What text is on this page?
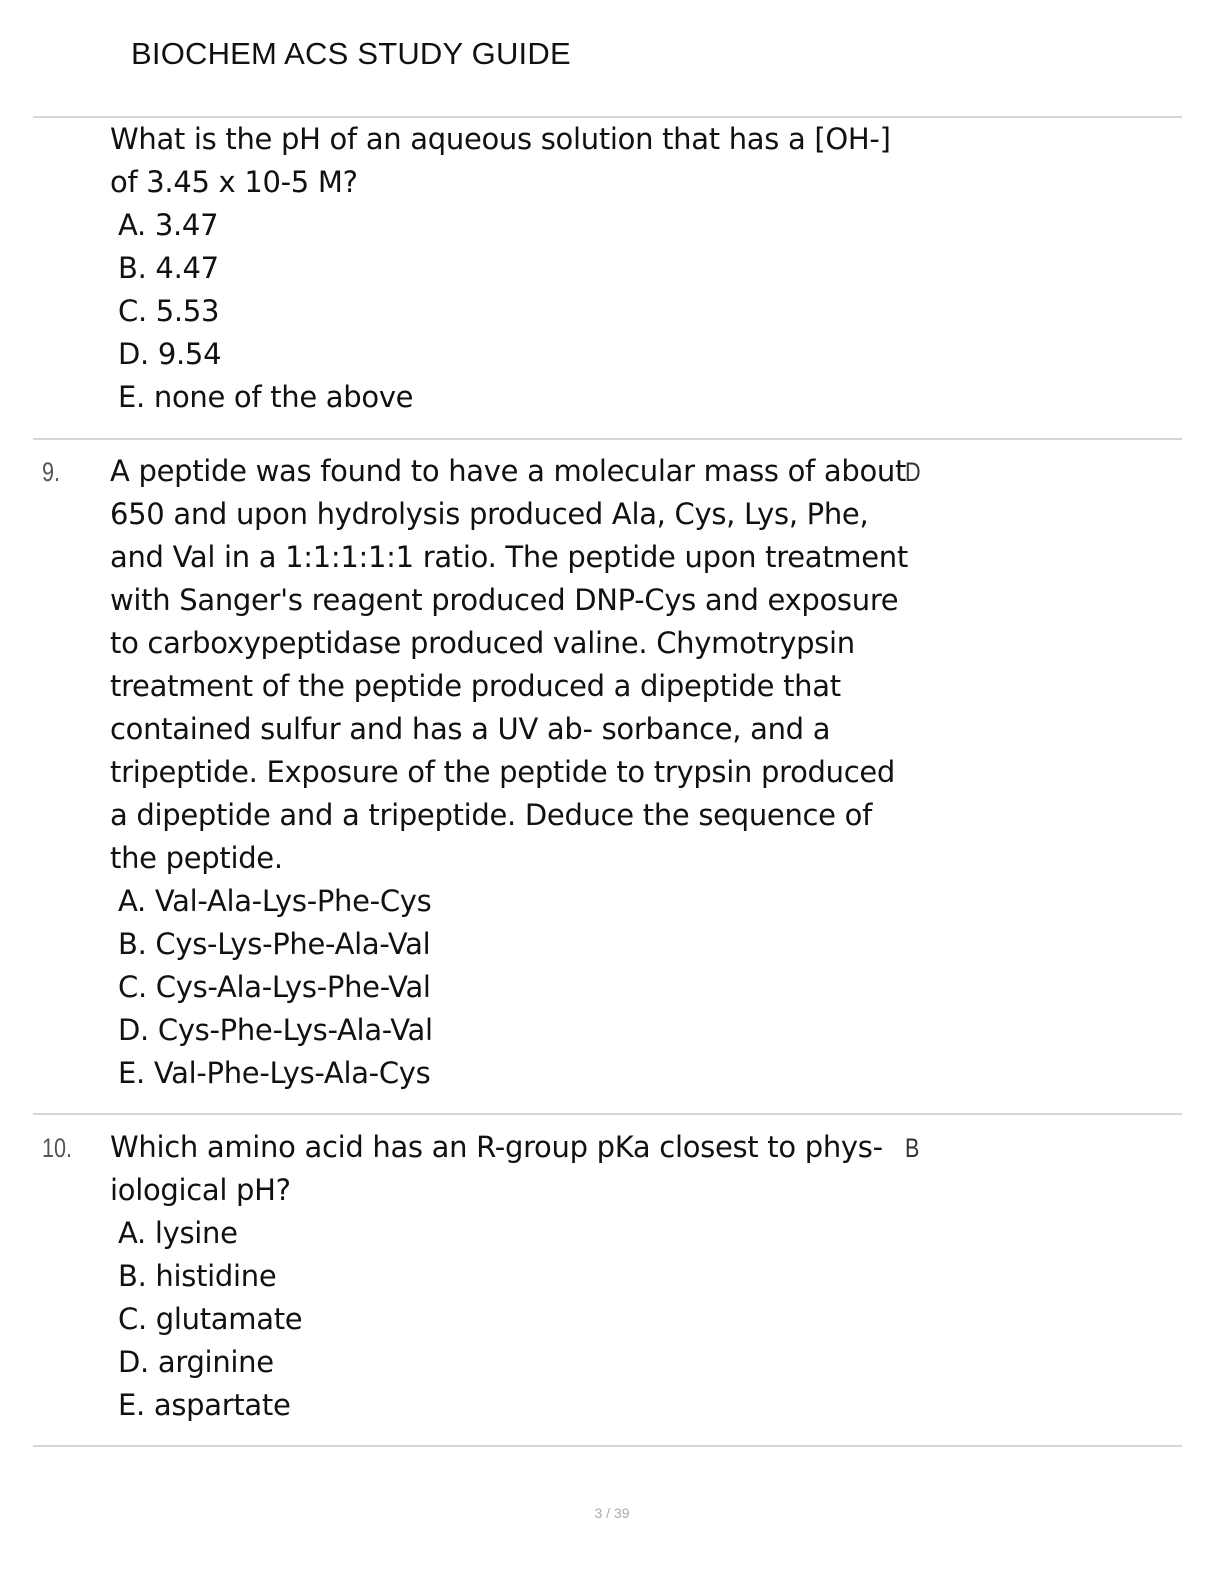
BIOCHEM ACS STUDY GUIDE

What is the pH of an aqueous solution that has a [OH-] of 3.45 x 10-5 M?

A. 3.47
B. 4.47
C. 5.53
D. 9.54
E. none of the above
9. A peptide was found to have a molecular mass of about 650 and upon hydrolysis produced Ala, Cys, Lys, Phe, and Val in a 1:1:1:1:1 ratio. The peptide upon treatment with Sanger's reagent produced DNP-Cys and exposure to carboxypeptidase produced valine. Chymotrypsin treatment of the peptide produced a dipeptide that contained sulfur and has a UV ab- sorbance, and a tripeptide. Exposure of the peptide to trypsin produced a dipeptide and a tripeptide. Deduce the sequence of the peptide.

D
A. Val-Ala-Lys-Phe-Cys
B. Cys-Lys-Phe-Ala-Val
C. Cys-Ala-Lys-Phe-Val
D. Cys-Phe-Lys-Ala-Val
E. Val-Phe-Lys-Ala-Cys
10. Which amino acid has an R-group pKa closest to phys- iological pH?

B
A. lysine
B. histidine
C. glutamate
D. arginine
E. aspartate
3 / 39
